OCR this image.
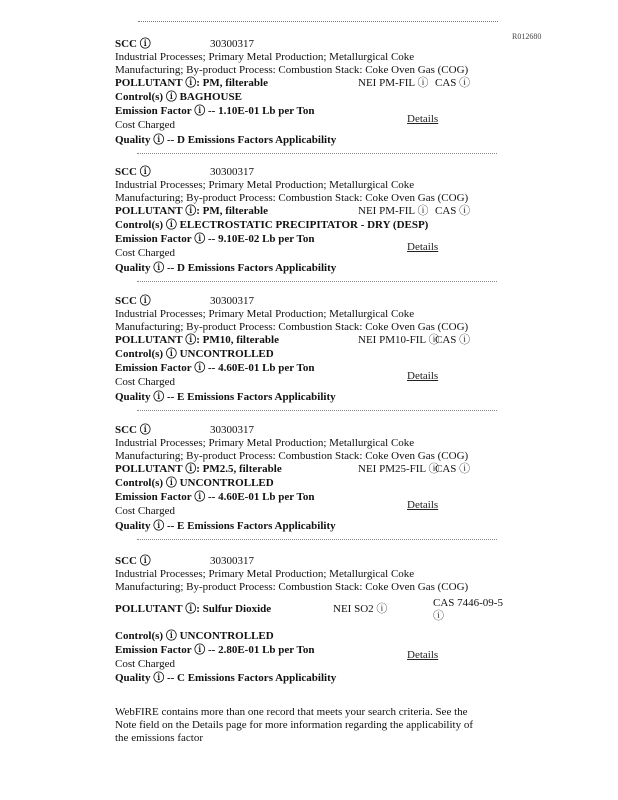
R012680
SCC ⓘ	30300317
Industrial Processes; Primary Metal Production; Metallurgical Coke
Manufacturing; By-product Process: Combustion Stack: Coke Oven Gas (COG)
POLLUTANT ⓘ: PM, filterable	NEI PM-FIL ⓘ CAS ⓘ
Control(s) ⓘ BAGHOUSE
Emission Factor ⓘ -- 1.10E-01 Lb per Ton
Cost Charged	Details
Quality ⓘ -- D Emissions Factors Applicability
SCC ⓘ	30300317
Industrial Processes; Primary Metal Production; Metallurgical Coke
Manufacturing; By-product Process: Combustion Stack: Coke Oven Gas (COG)
POLLUTANT ⓘ: PM, filterable	NEI PM-FIL ⓘ CAS ⓘ
Control(s) ⓘ ELECTROSTATIC PRECIPITATOR - DRY (DESP)
Emission Factor ⓘ -- 9.10E-02 Lb per Ton
Cost Charged	Details
Quality ⓘ -- D Emissions Factors Applicability
SCC ⓘ	30300317
Industrial Processes; Primary Metal Production; Metallurgical Coke
Manufacturing; By-product Process: Combustion Stack: Coke Oven Gas (COG)
POLLUTANT ⓘ: PM10, filterable	NEI PM10-FIL ⓘ
CAS ⓘ
Control(s) ⓘ UNCONTROLLED
Emission Factor ⓘ -- 4.60E-01 Lb per Ton
Cost Charged	Details
Quality ⓘ -- E Emissions Factors Applicability
SCC ⓘ	30300317
Industrial Processes; Primary Metal Production; Metallurgical Coke
Manufacturing; By-product Process: Combustion Stack: Coke Oven Gas (COG)
POLLUTANT ⓘ: PM2.5, filterable	NEI PM25-FIL ⓘ
CAS ⓘ
Control(s) ⓘ UNCONTROLLED
Emission Factor ⓘ -- 4.60E-01 Lb per Ton
Cost Charged	Details
Quality ⓘ -- E Emissions Factors Applicability
SCC ⓘ	30300317
Industrial Processes; Primary Metal Production; Metallurgical Coke
Manufacturing; By-product Process: Combustion Stack: Coke Oven Gas (COG)
POLLUTANT ⓘ: Sulfur Dioxide	NEI SO2 ⓘ	CAS 7446-09-5
ⓘ
Control(s) ⓘ UNCONTROLLED
Emission Factor ⓘ -- 2.80E-01 Lb per Ton
Cost Charged
Details
Quality ⓘ -- C Emissions Factors Applicability
WebFIRE contains more than one record that meets your search criteria. See the
Note field on the Details page for more information regarding the applicability of
the emissions factor
